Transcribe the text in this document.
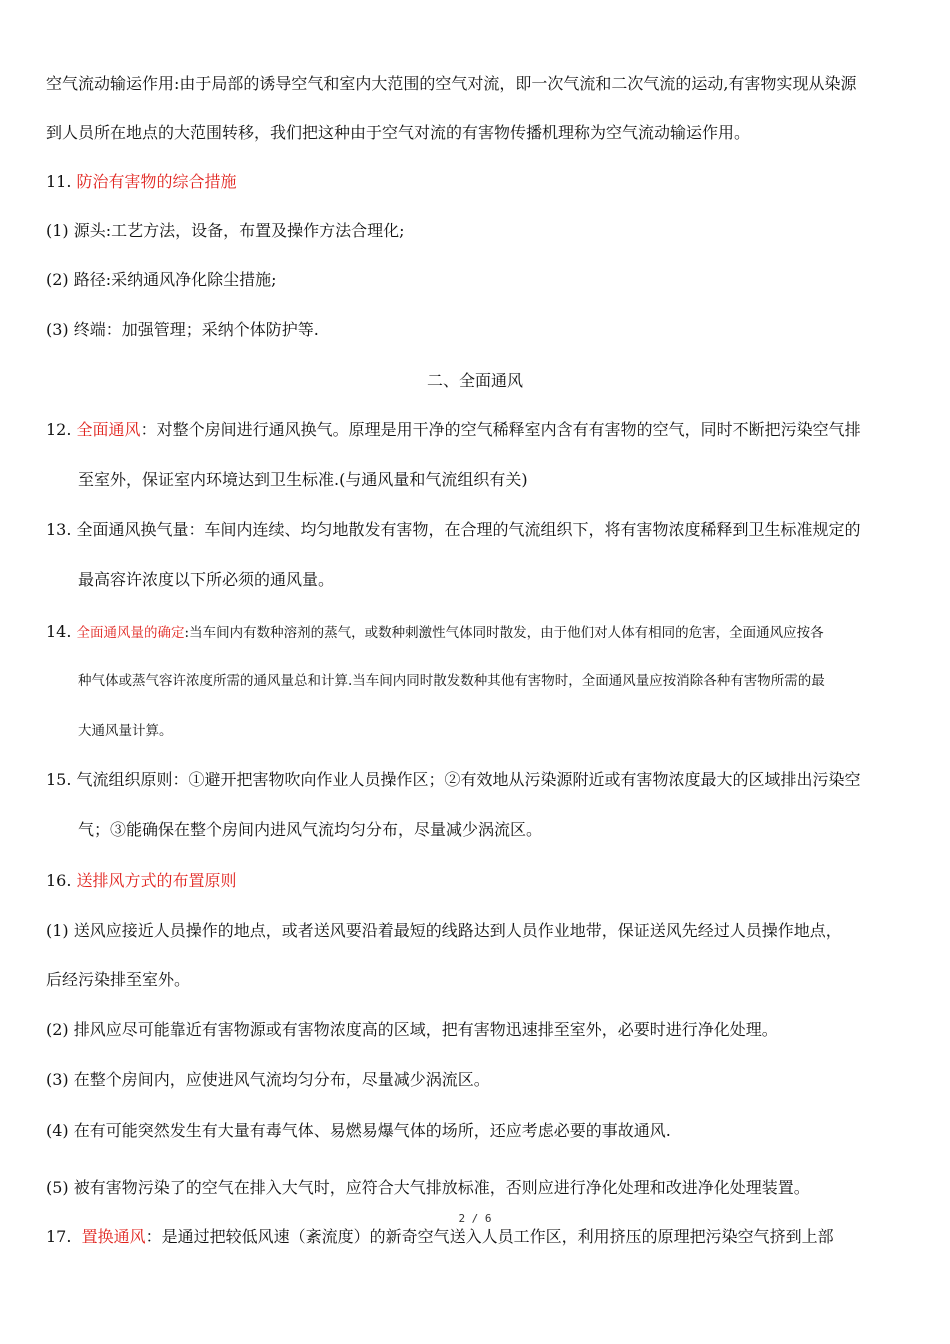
空气流动输运作用:由于局部的诱导空气和室内大范围的空气对流，即一次气流和二次气流的运动,有害物实现从染源
到人员所在地点的大范围转移，我们把这种由于空气对流的有害物传播机理称为空气流动输运作用。
11. 防治有害物的综合措施
(1) 源头:工艺方法，设备，布置及操作方法合理化;
(2) 路径:采纳通风净化除尘措施;
(3) 终端：加强管理；采纳个体防护等.
二、全面通风
12. 全面通风：对整个房间进行通风换气。原理是用干净的空气稀释室内含有有害物的空气，同时不断把污染空气排
至室外，保证室内环境达到卫生标准.(与通风量和气流组织有关)
13. 全面通风换气量：车间内连续、均匀地散发有害物，在合理的气流组织下，将有害物浓度稀释到卫生标准规定的
最高容许浓度以下所必须的通风量。
14. 全面通风量的确定:当车间内有数种溶剂的蒸气，或数种刺激性气体同时散发，由于他们对人体有相同的危害，全面通风应按各
种气体或蒸气容许浓度所需的通风量总和计算.当车间内同时散发数种其他有害物时，全面通风量应按消除各种有害物所需的最
大通风量计算。
15. 气流组织原则：①避开把害物吹向作业人员操作区；②有效地从污染源附近或有害物浓度最大的区域排出污染空
气；③能确保在整个房间内进风气流均匀分布，尽量减少涡流区。
16. 送排风方式的布置原则
(1) 送风应接近人员操作的地点，或者送风要沿着最短的线路达到人员作业地带，保证送风先经过人员操作地点，
后经污染排至室外。
(2) 排风应尽可能靠近有害物源或有害物浓度高的区域，把有害物迅速排至室外，必要时进行净化处理。
(3) 在整个房间内，应使进风气流均匀分布，尽量减少涡流区。
(4) 在有可能突然发生有大量有毒气体、易燃易爆气体的场所，还应考虑必要的事故通风.
(5) 被有害物污染了的空气在排入大气时，应符合大气排放标准，否则应进行净化处理和改进净化处理装置。
2 / 6
17. 置换通风：是通过把较低风速（紊流度）的新奇空气送入人员工作区，利用挤压的原理把污染空气挤到上部
